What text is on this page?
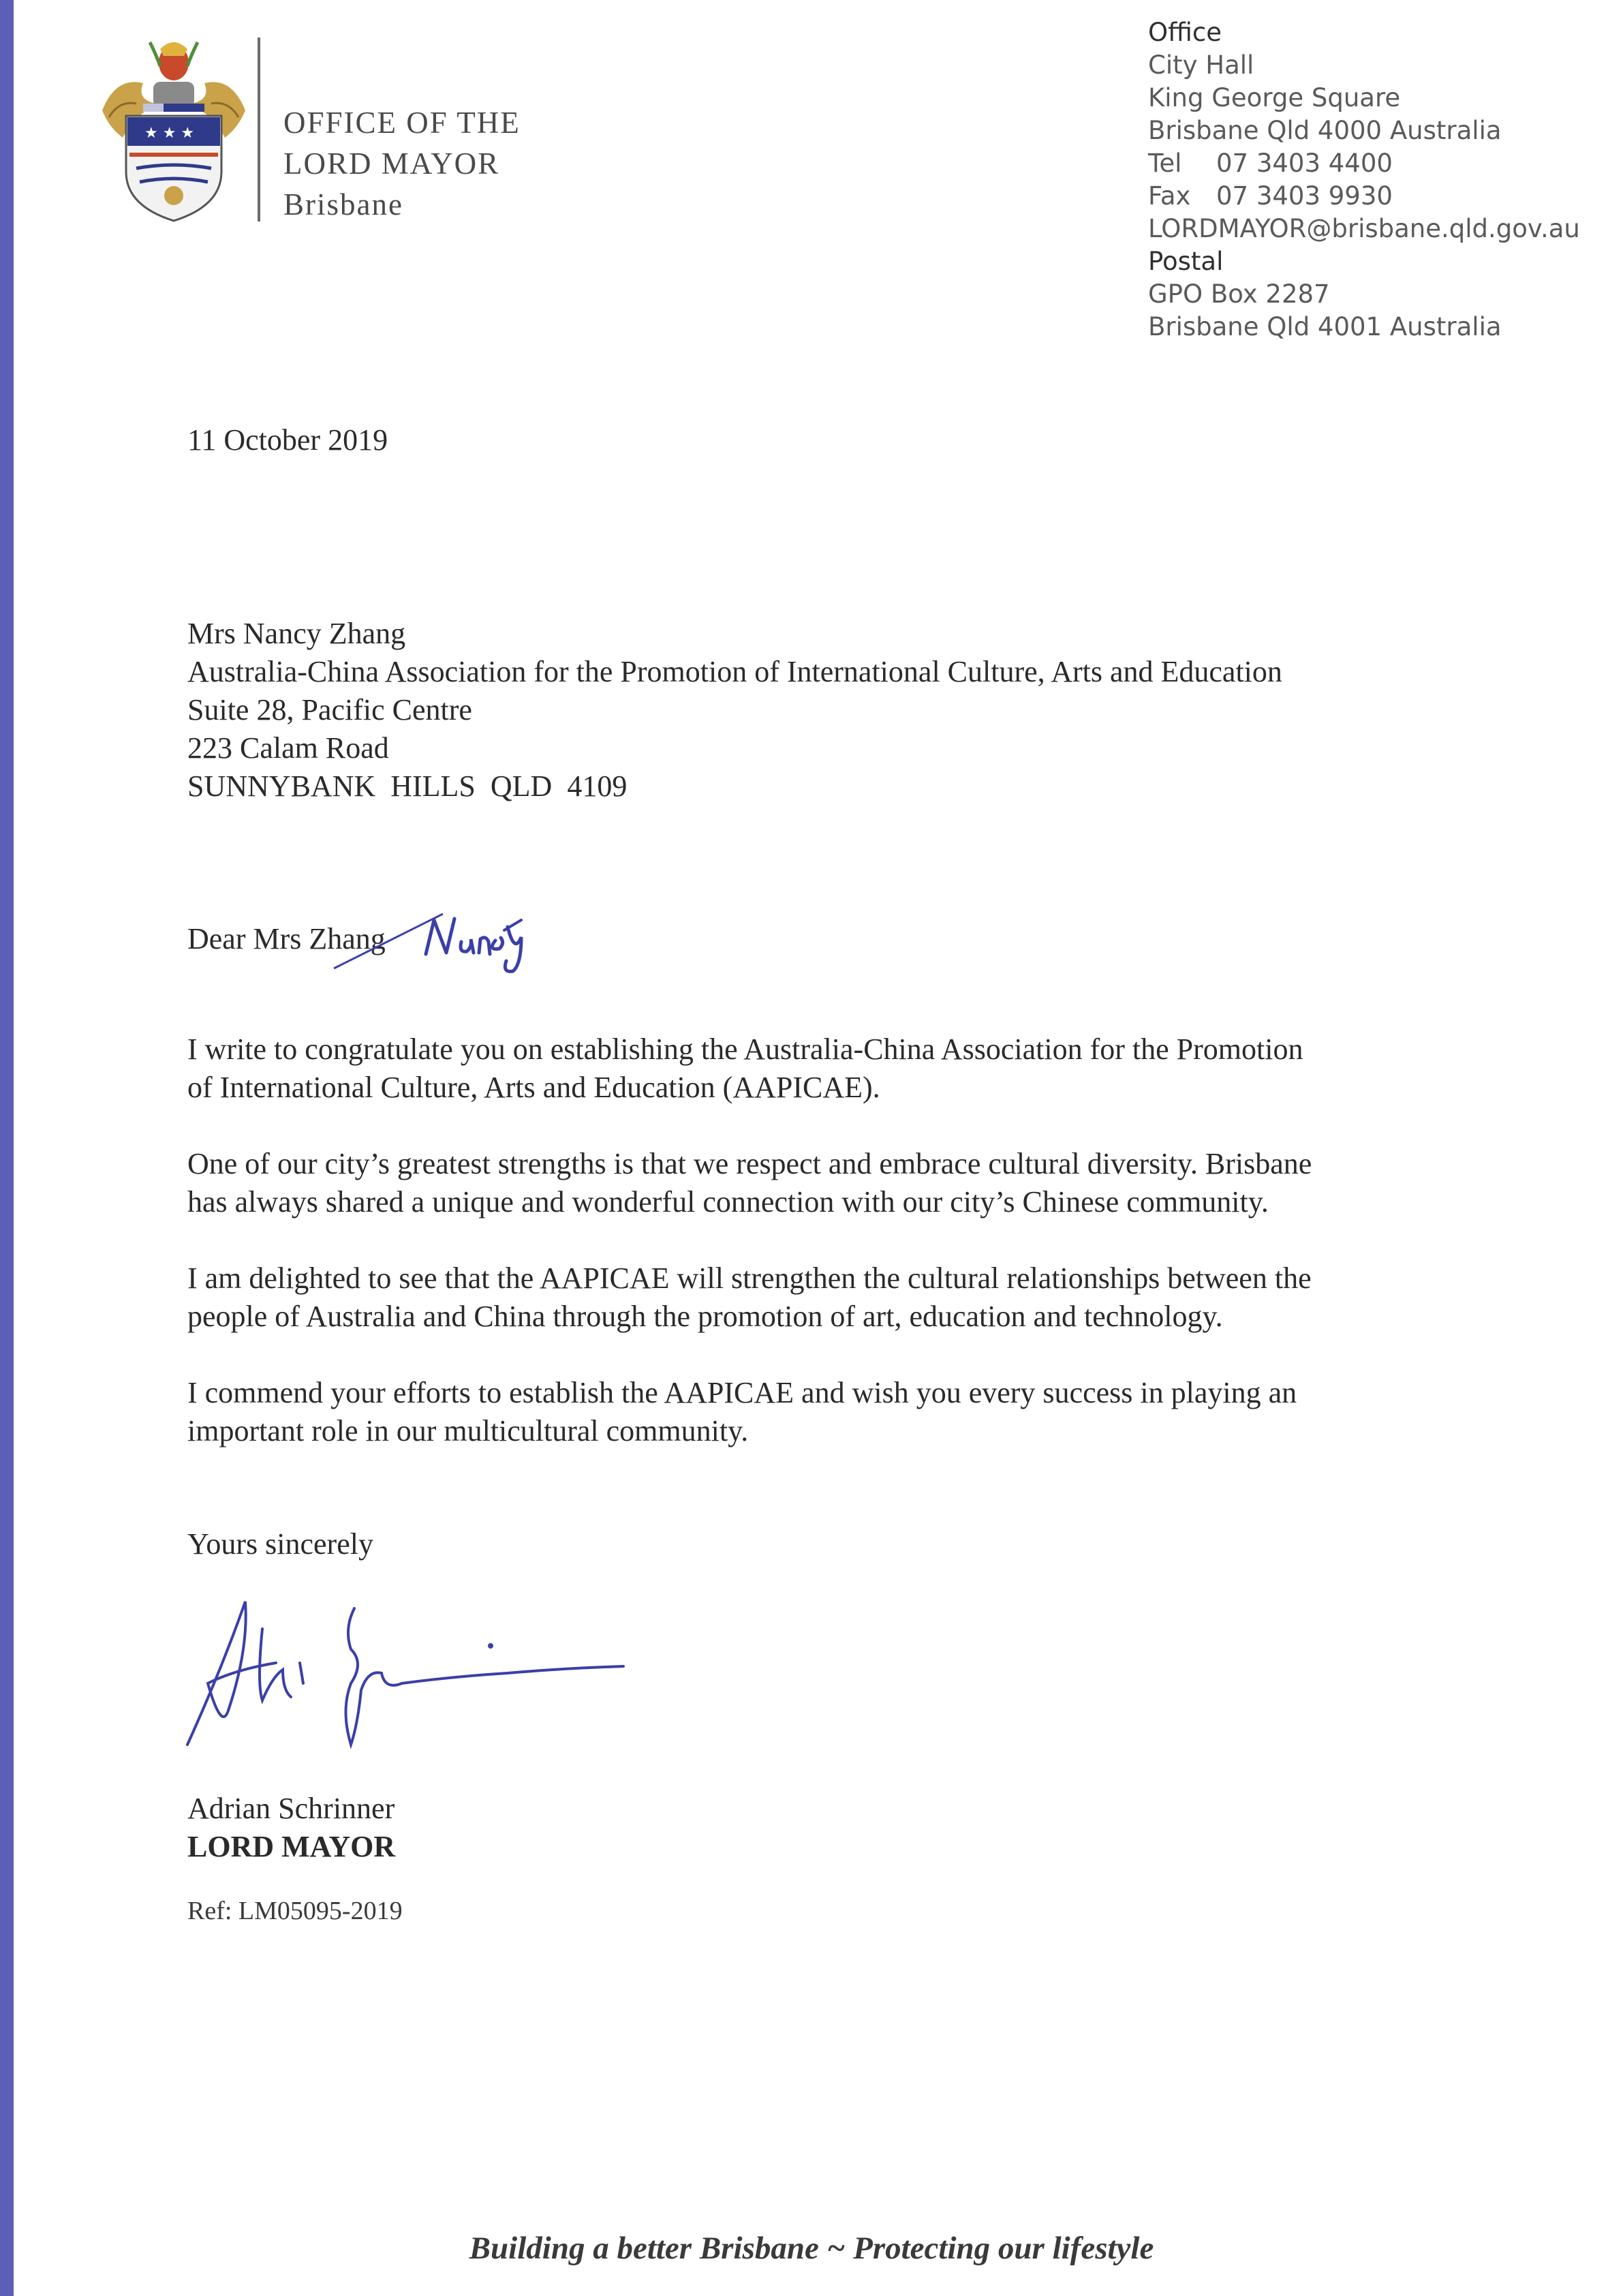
★ ★ ★	OFFICE OF THE
LORD MAYOR
Brisbane
Office
City Hall
King George Square
Brisbane Qld 4000 Australia
Tel 07 3403 4400
Fax 07 3403 9930
LORDMAYOR@brisbane.qld.gov.au
Postal
GPO Box 2287
Brisbane Qld 4001 Australia
11 October 2019
Mrs Nancy Zhang
Australia-China Association for the Promotion of International Culture, Arts and Education
Suite 28, Pacific Centre
223 Calam Road
SUNNYBANK  HILLS  QLD  4109
Dear Mrs Zhang
I write to congratulate you on establishing the Australia-China Association for the Promotion
of International Culture, Arts and Education (AAPICAE).
One of our city’s greatest strengths is that we respect and embrace cultural diversity. Brisbane
has always shared a unique and wonderful connection with our city’s Chinese community.
I am delighted to see that the AAPICAE will strengthen the cultural relationships between the
people of Australia and China through the promotion of art, education and technology.
I commend your efforts to establish the AAPICAE and wish you every success in playing an
important role in our multicultural community.
Yours sincerely
Adrian Schrinner
LORD MAYOR
Ref: LM05095-2019
Building a better Brisbane ~ Protecting our lifestyle
